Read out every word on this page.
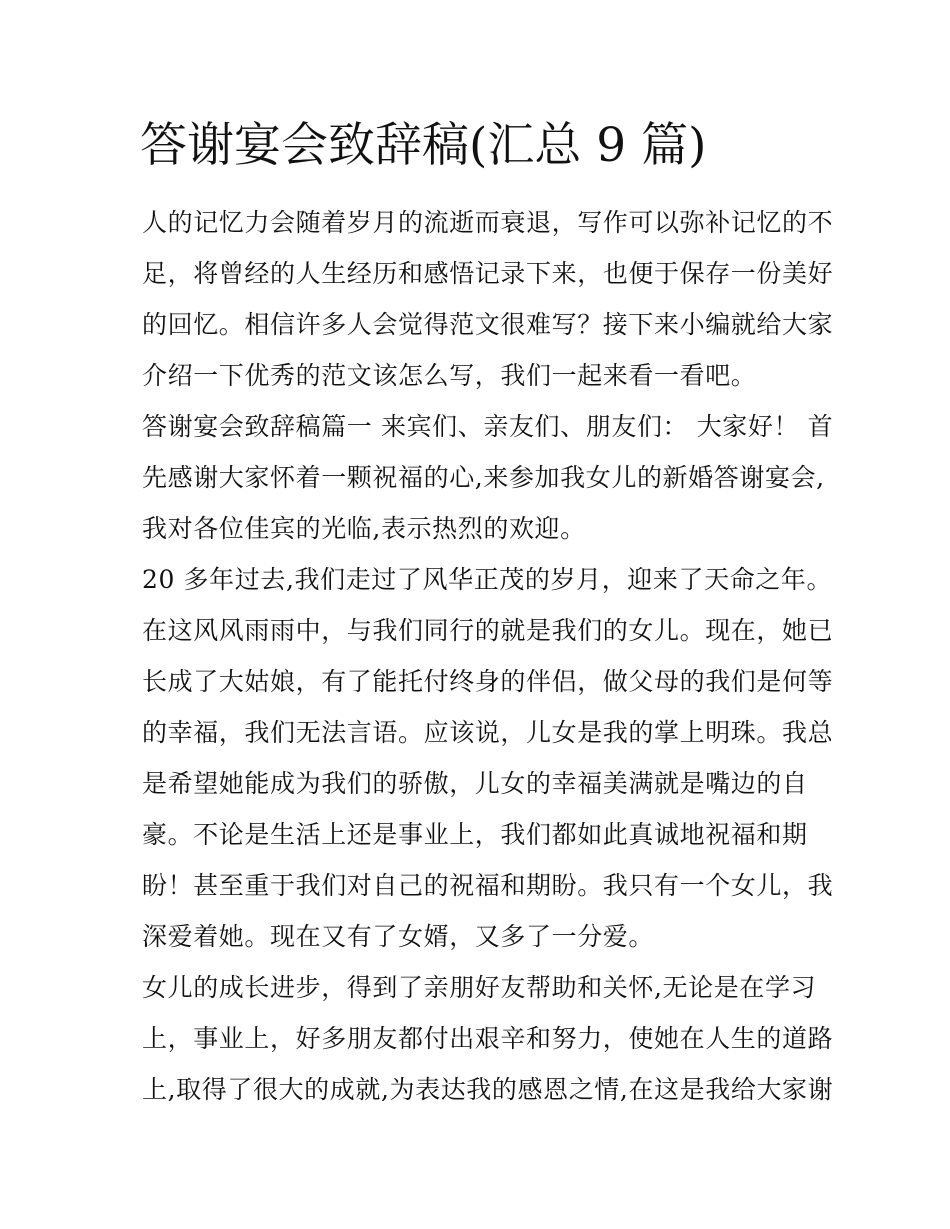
答谢宴会致辞稿(汇总 9 篇)
人的记忆力会随着岁月的流逝而衰退，写作可以弥补记忆的不
足，将曾经的人生经历和感悟记录下来，也便于保存一份美好
的回忆。相信许多人会觉得范文很难写？接下来小编就给大家
介绍一下优秀的范文该怎么写，我们一起来看一看吧。
答谢宴会致辞稿篇一 来宾们、亲友们、朋友们： 大家好！ 首
先感谢大家怀着一颗祝福的心,来参加我女儿的新婚答谢宴会,
我对各位佳宾的光临,表示热烈的欢迎。
20 多年过去,我们走过了风华正茂的岁月，迎来了天命之年。
在这风风雨雨中，与我们同行的就是我们的女儿。现在，她已
长成了大姑娘，有了能托付终身的伴侣，做父母的我们是何等
的幸福，我们无法言语。应该说，儿女是我的掌上明珠。我总
是希望她能成为我们的骄傲，儿女的幸福美满就是嘴边的自
豪。不论是生活上还是事业上，我们都如此真诚地祝福和期
盼！甚至重于我们对自己的祝福和期盼。我只有一个女儿，我
深爱着她。现在又有了女婿，又多了一分爱。
女儿的成长进步，得到了亲朋好友帮助和关怀,无论是在学习
上，事业上，好多朋友都付出艰辛和努力，使她在人生的道路
上,取得了很大的成就,为表达我的感恩之情,在这是我给大家谢
